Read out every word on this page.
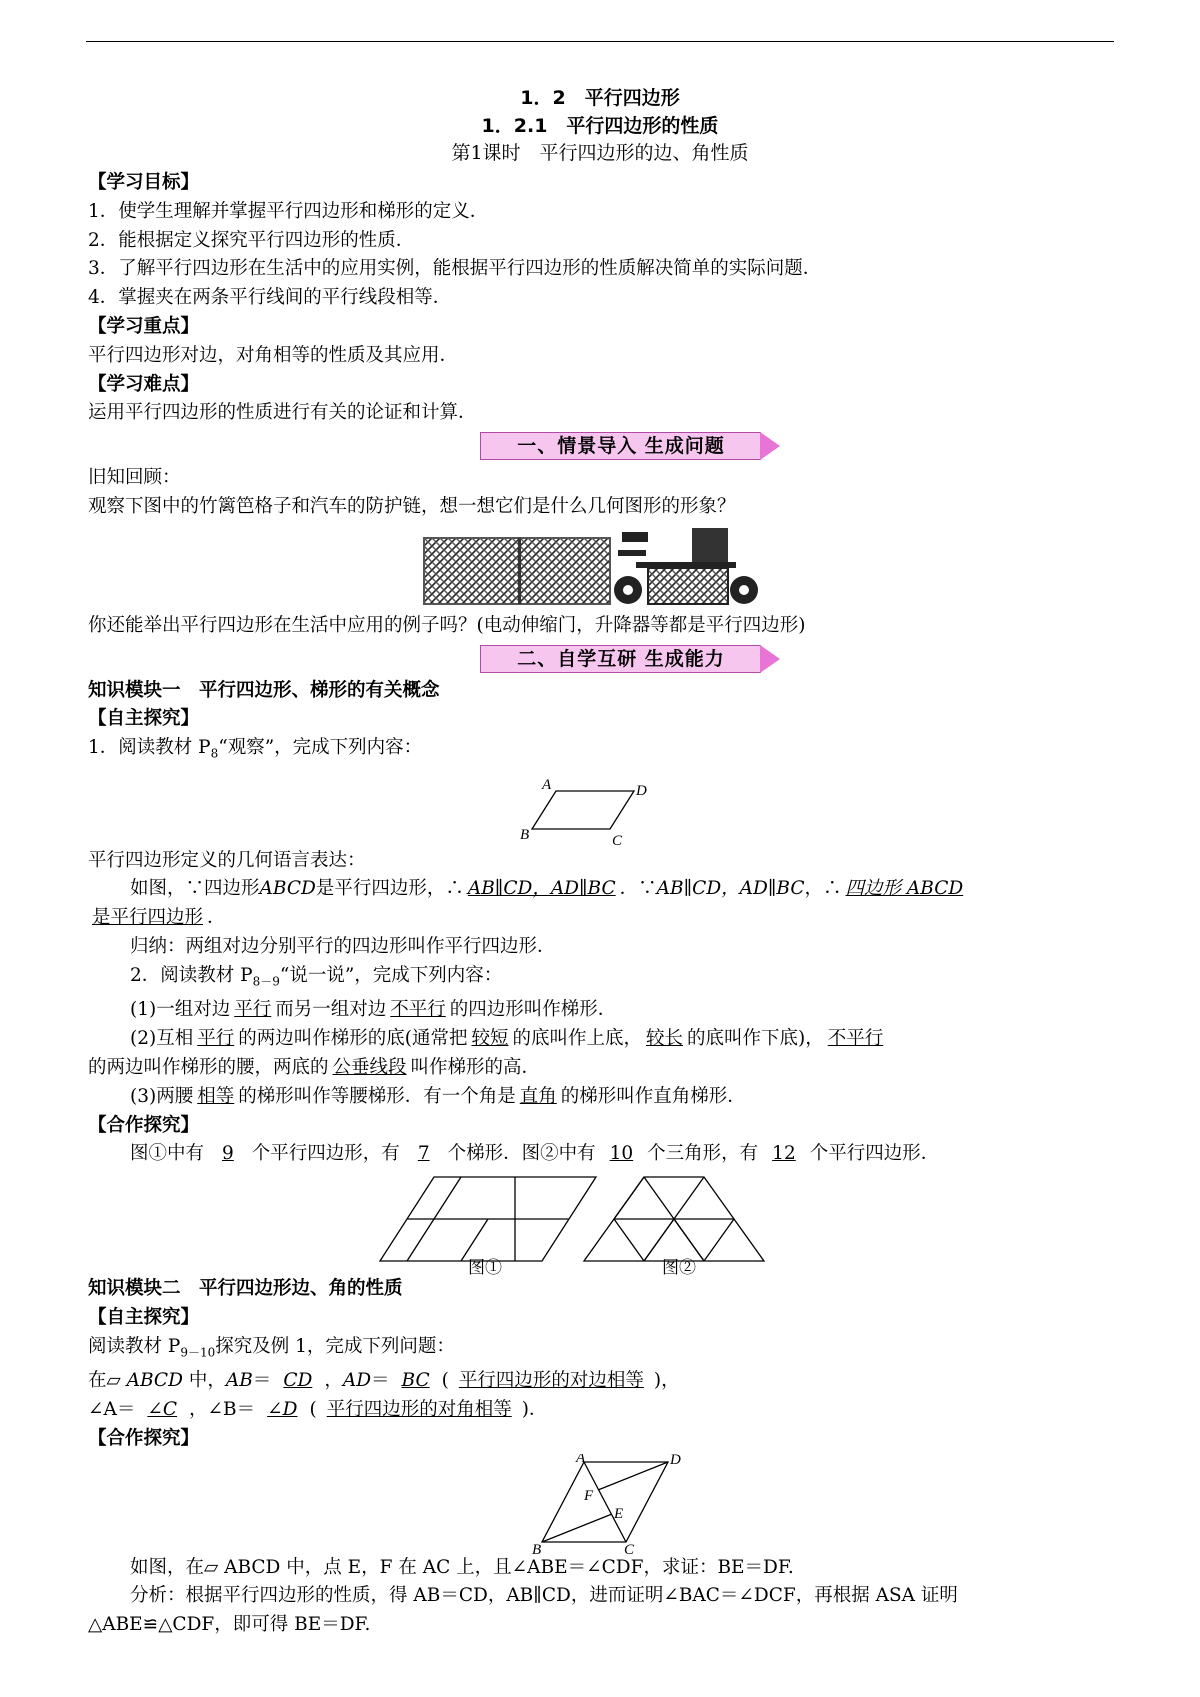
1．2　平行四边形
1．2.1　平行四边形的性质
第1课时　平行四边形的边、角性质
【学习目标】
1．使学生理解并掌握平行四边形和梯形的定义．
2．能根据定义探究平行四边形的性质．
3．了解平行四边形在生活中的应用实例，能根据平行四边形的性质解决简单的实际问题．
4．掌握夹在两条平行线间的平行线段相等．
【学习重点】
平行四边形对边，对角相等的性质及其应用．
【学习难点】
运用平行四边形的性质进行有关的论证和计算．
一、情景导入 生成问题
旧知回顾：
观察下图中的竹篱笆格子和汽车的防护链，想一想它们是什么几何图形的形象？
你还能举出平行四边形在生活中应用的例子吗？(电动伸缩门，升降器等都是平行四边形)
二、自学互研 生成能力
知识模块一　平行四边形、梯形的有关概念
【自主探究】
1．阅读教材 $P_8“$观察”，完成下列内容：
A	D
B	C
平行四边形定义的几何语言表达：
如图，∵四边形ABCD是平行四边形，∴ AB∥CD，AD∥BC ．∵AB∥CD，AD∥BC，∴ 四边形 ABCD
是平行四边形 ．
归纳：两组对边分别平行的四边形叫作平行四边形．
2．阅读教材 $P_{8-9}“$说一说”，完成下列内容：
(1)一组对边 平行 而另一组对边 不平行 的四边形叫作梯形．
(2)互相 平行 的两边叫作梯形的底(通常把 较短 的底叫作上底， 较长 的底叫作下底)， 不平行
的两边叫作梯形的腰，两底的 公垂线段 叫作梯形的高．
(3)两腰 相等 的梯形叫作等腰梯形．有一个角是 直角 的梯形叫作直角梯形．
【合作探究】
图①中有 9 个平行四边形，有 7 个梯形．图②中有 10 个三角形，有 12 个平行四边形．
图①	图②
知识模块二　平行四边形边、角的性质
【自主探究】
阅读教材 $P_{9-10}$探究及例 1，完成下列问题：
在▱ ABCD 中，AB＝ CD ，AD＝ BC ( 平行四边形的对边相等 )，
∠A＝ ∠C ，∠B＝ ∠D ( 平行四边形的对角相等 )．
【合作探究】
A	D
B	C
F
E
如图，在▱ ABCD 中，点 E，F 在 AC 上，且∠ABE＝∠CDF，求证：BE＝DF.
分析：根据平行四边形的性质，得 AB＝CD，AB∥CD，进而证明∠BAC＝∠DCF，再根据 ASA 证明
△ABE≌△CDF，即可得 BE＝DF.
